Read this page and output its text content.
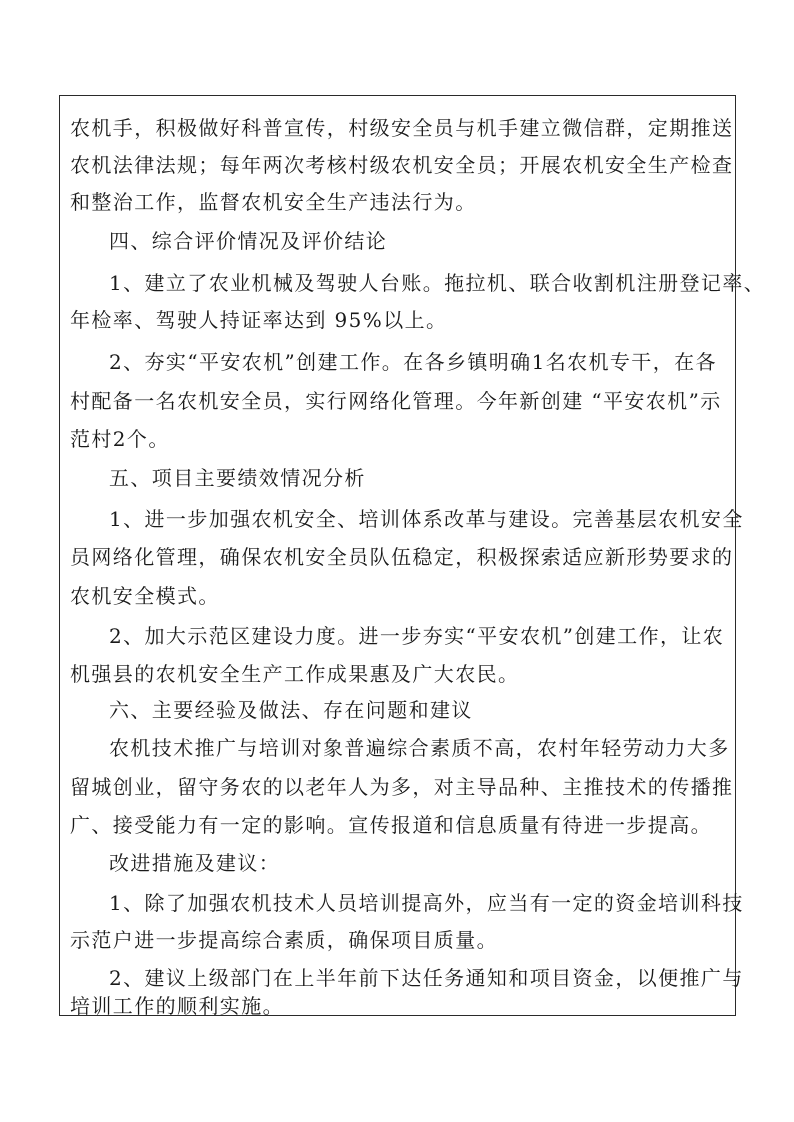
农机手，积极做好科普宣传，村级安全员与机手建立微信群，定期推送
农机法律法规；每年两次考核村级农机安全员；开展农机安全生产检查
和整治工作，监督农机安全生产违法行为。
四、综合评价情况及评价结论
1、建立了农业机械及驾驶人台账。拖拉机、联合收割机注册登记率、
年检率、驾驶人持证率达到 95%以上。
2、夯实“平安农机”创建工作。在各乡镇明确1名农机专干，在各
村配备一名农机安全员，实行网络化管理。今年新创建 “平安农机”示
范村2个。
五、项目主要绩效情况分析
1、进一步加强农机安全、培训体系改革与建设。完善基层农机安全
员网络化管理，确保农机安全员队伍稳定，积极探索适应新形势要求的
农机安全模式。
2、加大示范区建设力度。进一步夯实“平安农机”创建工作，让农
机强县的农机安全生产工作成果惠及广大农民。
六、主要经验及做法、存在问题和建议
农机技术推广与培训对象普遍综合素质不高，农村年轻劳动力大多
留城创业，留守务农的以老年人为多，对主导品种、主推技术的传播推
广、接受能力有一定的影响。宣传报道和信息质量有待进一步提高。
改进措施及建议：
1、除了加强农机技术人员培训提高外，应当有一定的资金培训科技
示范户进一步提高综合素质，确保项目质量。
2、建议上级部门在上半年前下达任务通知和项目资金，以便推广与
培训工作的顺利实施。
